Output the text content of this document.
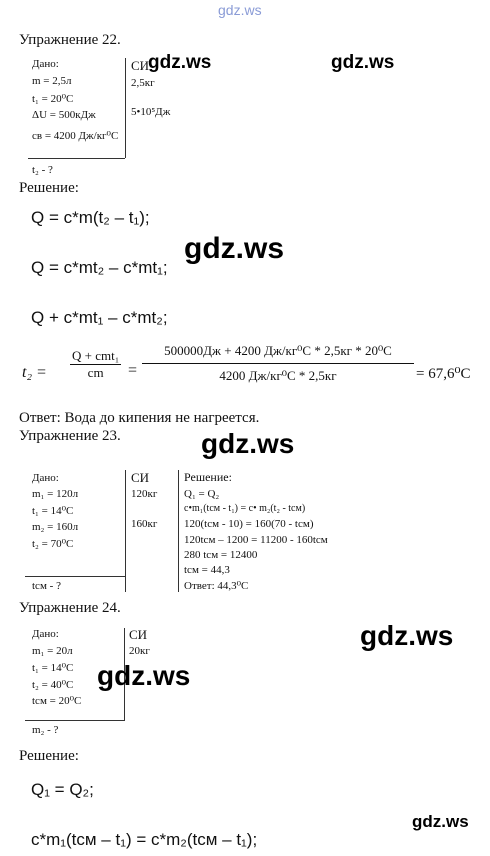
gdz.ws
Упражнение 22.
Дано:
m = 2,5л
t₁ = 20⁰С
ΔU = 500кДж
cв = 4200 Дж/кг⁰С
t₂ - ?
СИ
2,5кг
5•10⁵Дж
gdz.ws	gdz.ws
Решение:
Q = c*m(t₂ – t₁);
Q = c*mt₂ – c*mt₁;
gdz.ws
Q + c*mt₁ – c*mt₂;
$t_2 = \frac{\text{Q + cmt₁}}{cm} = \frac{\text{500000Дж + 4200 Дж/кг⁰С * 2,5кг * 20⁰C}}{\text{4200 Дж/кг⁰С * 2,5кг}} = 67,6^0С$
Ответ: Вода до кипения не нагреется.
Упражнение 23.	gdz.ws
Дано:
m₁ = 120л
t₁ = 14⁰С
m₂ = 160л
t₂ = 70⁰С
tсм - ?
СИ
120кг
160кг
Решение:
Q₁ = Q₂
c•m₁(tсм - t₁) = c• m₂(t₂ - tсм)
120(tсм - 10) = 160(70 - tсм)
120tсм – 1200 = 11200 - 160tсм
280 tсм = 12400
tсм = 44,3
Ответ: 44,3⁰С
Упражнение 24.
gdz.ws
Дано:
m₁ = 20л
t₁ = 14⁰С
t₂ = 40⁰С
tсм = 20⁰С
m₂ - ?
СИ
20кг
gdz.ws
Решение:
Q₁ = Q₂;
gdz.ws
c*m₁(tсм – t₁) = c*m₂(tсм – t₁);
